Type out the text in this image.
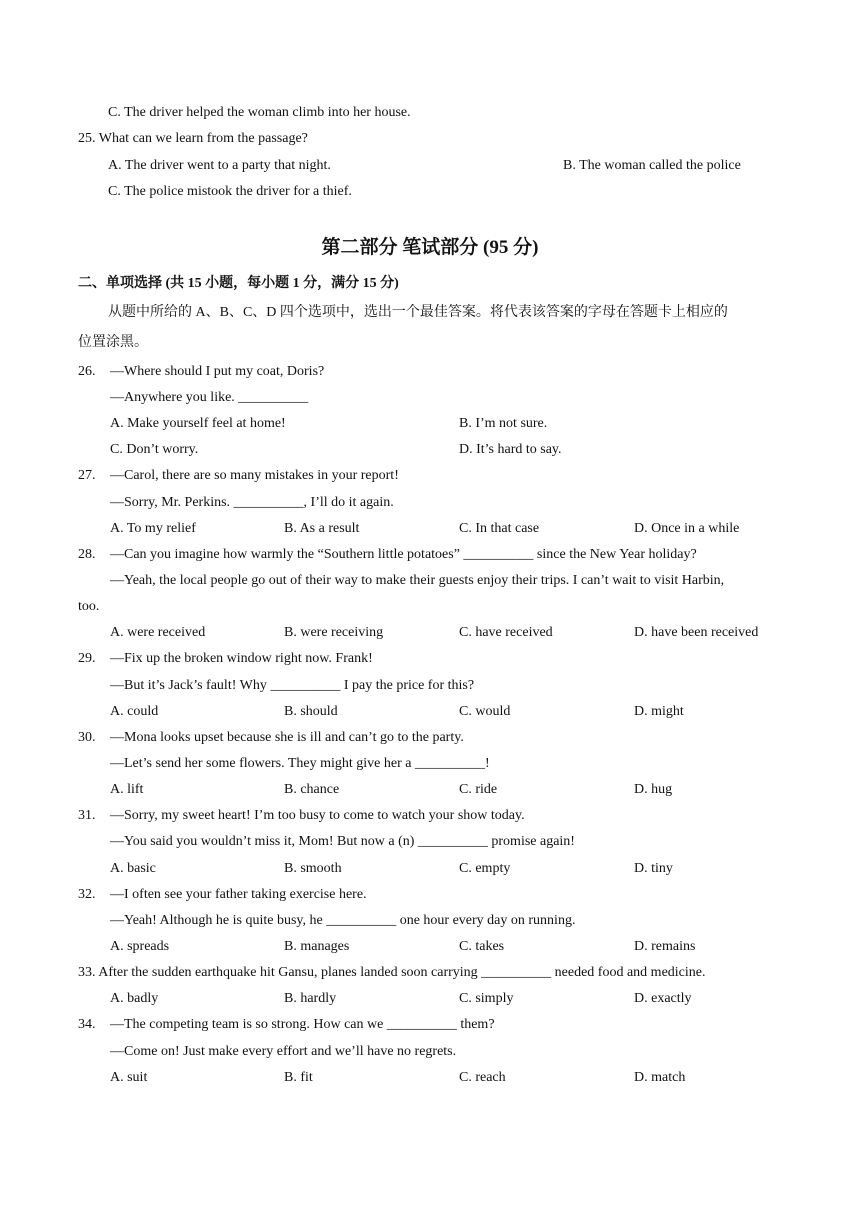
C. The driver helped the woman climb into her house.
25. What can we learn from the passage?
A. The driver went to a party that night.	B. The woman called the police
C. The police mistook the driver for a thief.
第二部分 笔试部分 (95 分)
二、单项选择 (共 15 小题，每小题 1 分，满分 15 分)
从题中所给的 A、B、C、D 四个选项中，选出一个最佳答案。将代表该答案的字母在答题卡上相应的
位置涂黑。
26. —Where should I put my coat, Doris?
—Anywhere you like. __________
A. Make yourself feel at home!	B. I’m not sure.
C. Don’t worry.	D. It’s hard to say.
27. —Carol, there are so many mistakes in your report!
—Sorry, Mr. Perkins. __________, I’ll do it again.
A. To my relief	B. As a result	C. In that case	D. Once in a while
28. —Can you imagine how warmly the “Southern little potatoes” __________ since the New Year holiday?
—Yeah, the local people go out of their way to make their guests enjoy their trips. I can’t wait to visit Harbin,
too.
A. were received	B. were receiving	C. have received	D. have been received
29. —Fix up the broken window right now. Frank!
—But it’s Jack’s fault! Why __________ I pay the price for this?
A. could	B. should	C. would	D. might
30. —Mona looks upset because she is ill and can’t go to the party.
—Let’s send her some flowers. They might give her a __________!
A. lift	B. chance	C. ride	D. hug
31. —Sorry, my sweet heart! I’m too busy to come to watch your show today.
—You said you wouldn’t miss it, Mom! But now a (n) __________ promise again!
A. basic	B. smooth	C. empty	D. tiny
32. —I often see your father taking exercise here.
—Yeah! Although he is quite busy, he __________ one hour every day on running.
A. spreads	B. manages	C. takes	D. remains
33. After the sudden earthquake hit Gansu, planes landed soon carrying __________ needed food and medicine.
A. badly	B. hardly	C. simply	D. exactly
34. —The competing team is so strong. How can we __________ them?
—Come on! Just make every effort and we’ll have no regrets.
A. suit	B. fit	C. reach	D. match
